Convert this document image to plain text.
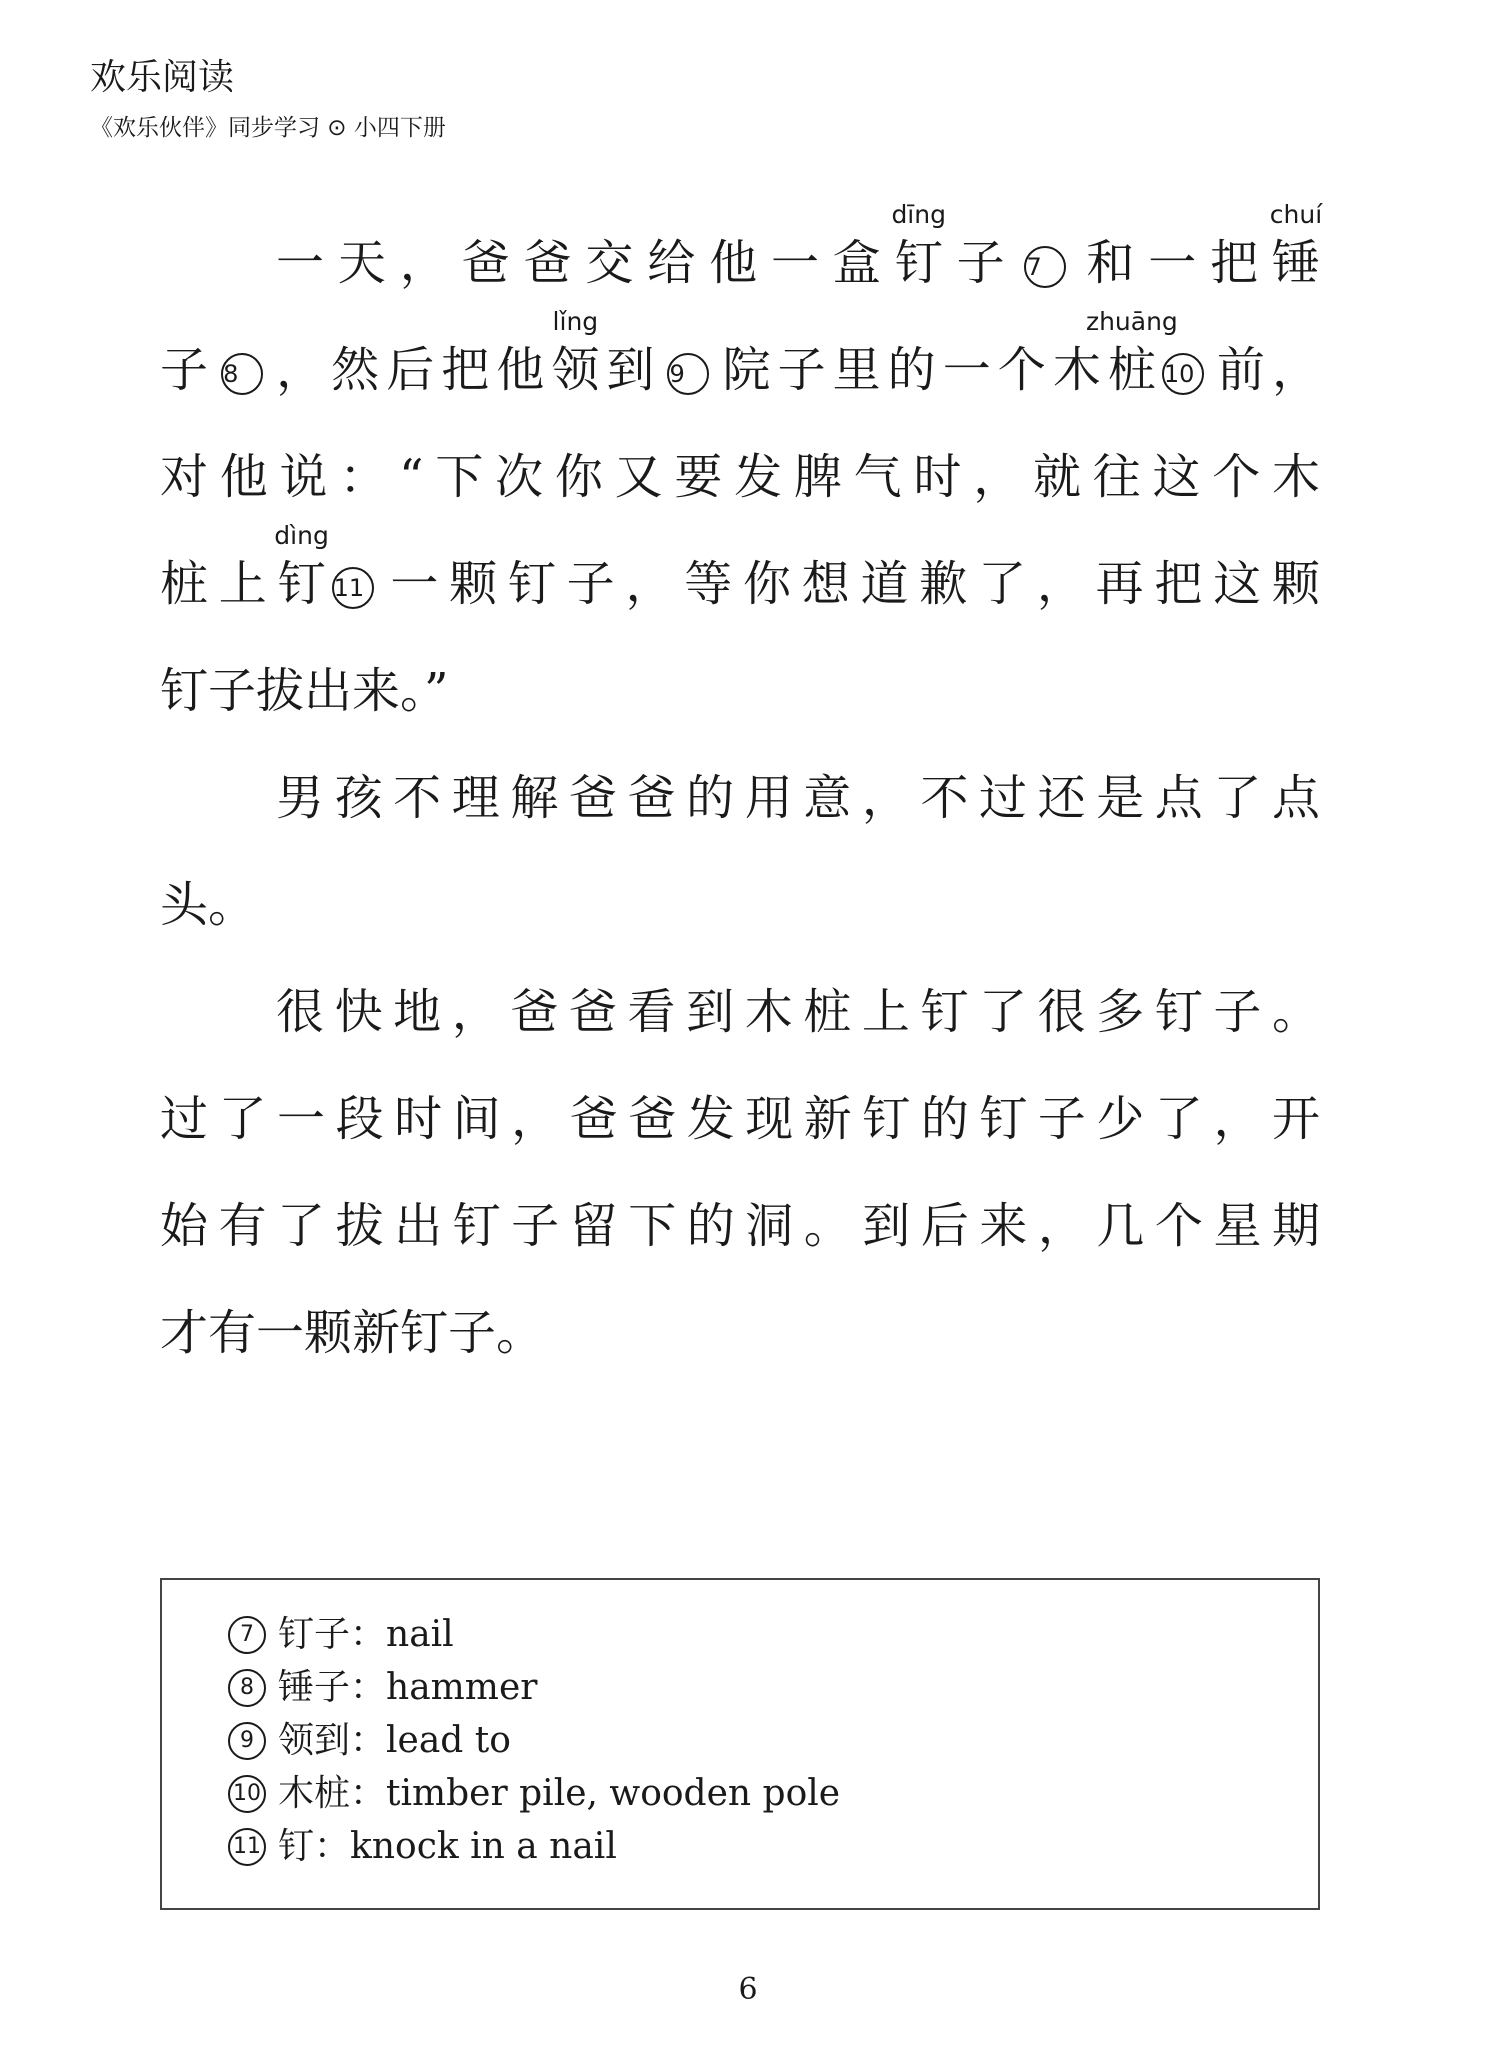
欢乐阅读
《欢乐伙伴》同步学习 ⊙ 小四下册
一天，爸爸交给他一盒钉
dīng
子 7 和一把锤
chuí
子 8 ，然后把他领
lǐng
到 9 院子里的一个木桩
zhuāng
10 前，
对他说：“下次你又要发脾气时，就往这个木
桩上钉
dìng
11 一颗钉子，等你想道歉了，再把这颗
钉子拔出来。”
男孩不理解爸爸的用意，不过还是点了点
头。
很快地，爸爸看到木桩上钉了很多钉子。
过了一段时间，爸爸发现新钉的钉子少了，开
始有了拔出钉子留下的洞。到后来，几个星期
才有一颗新钉子。
7 钉子： nail
8 锤子： hammer
9 领到： lead to
10 木桩： timber pile, wooden pole
11 钉： knock in a nail
6
